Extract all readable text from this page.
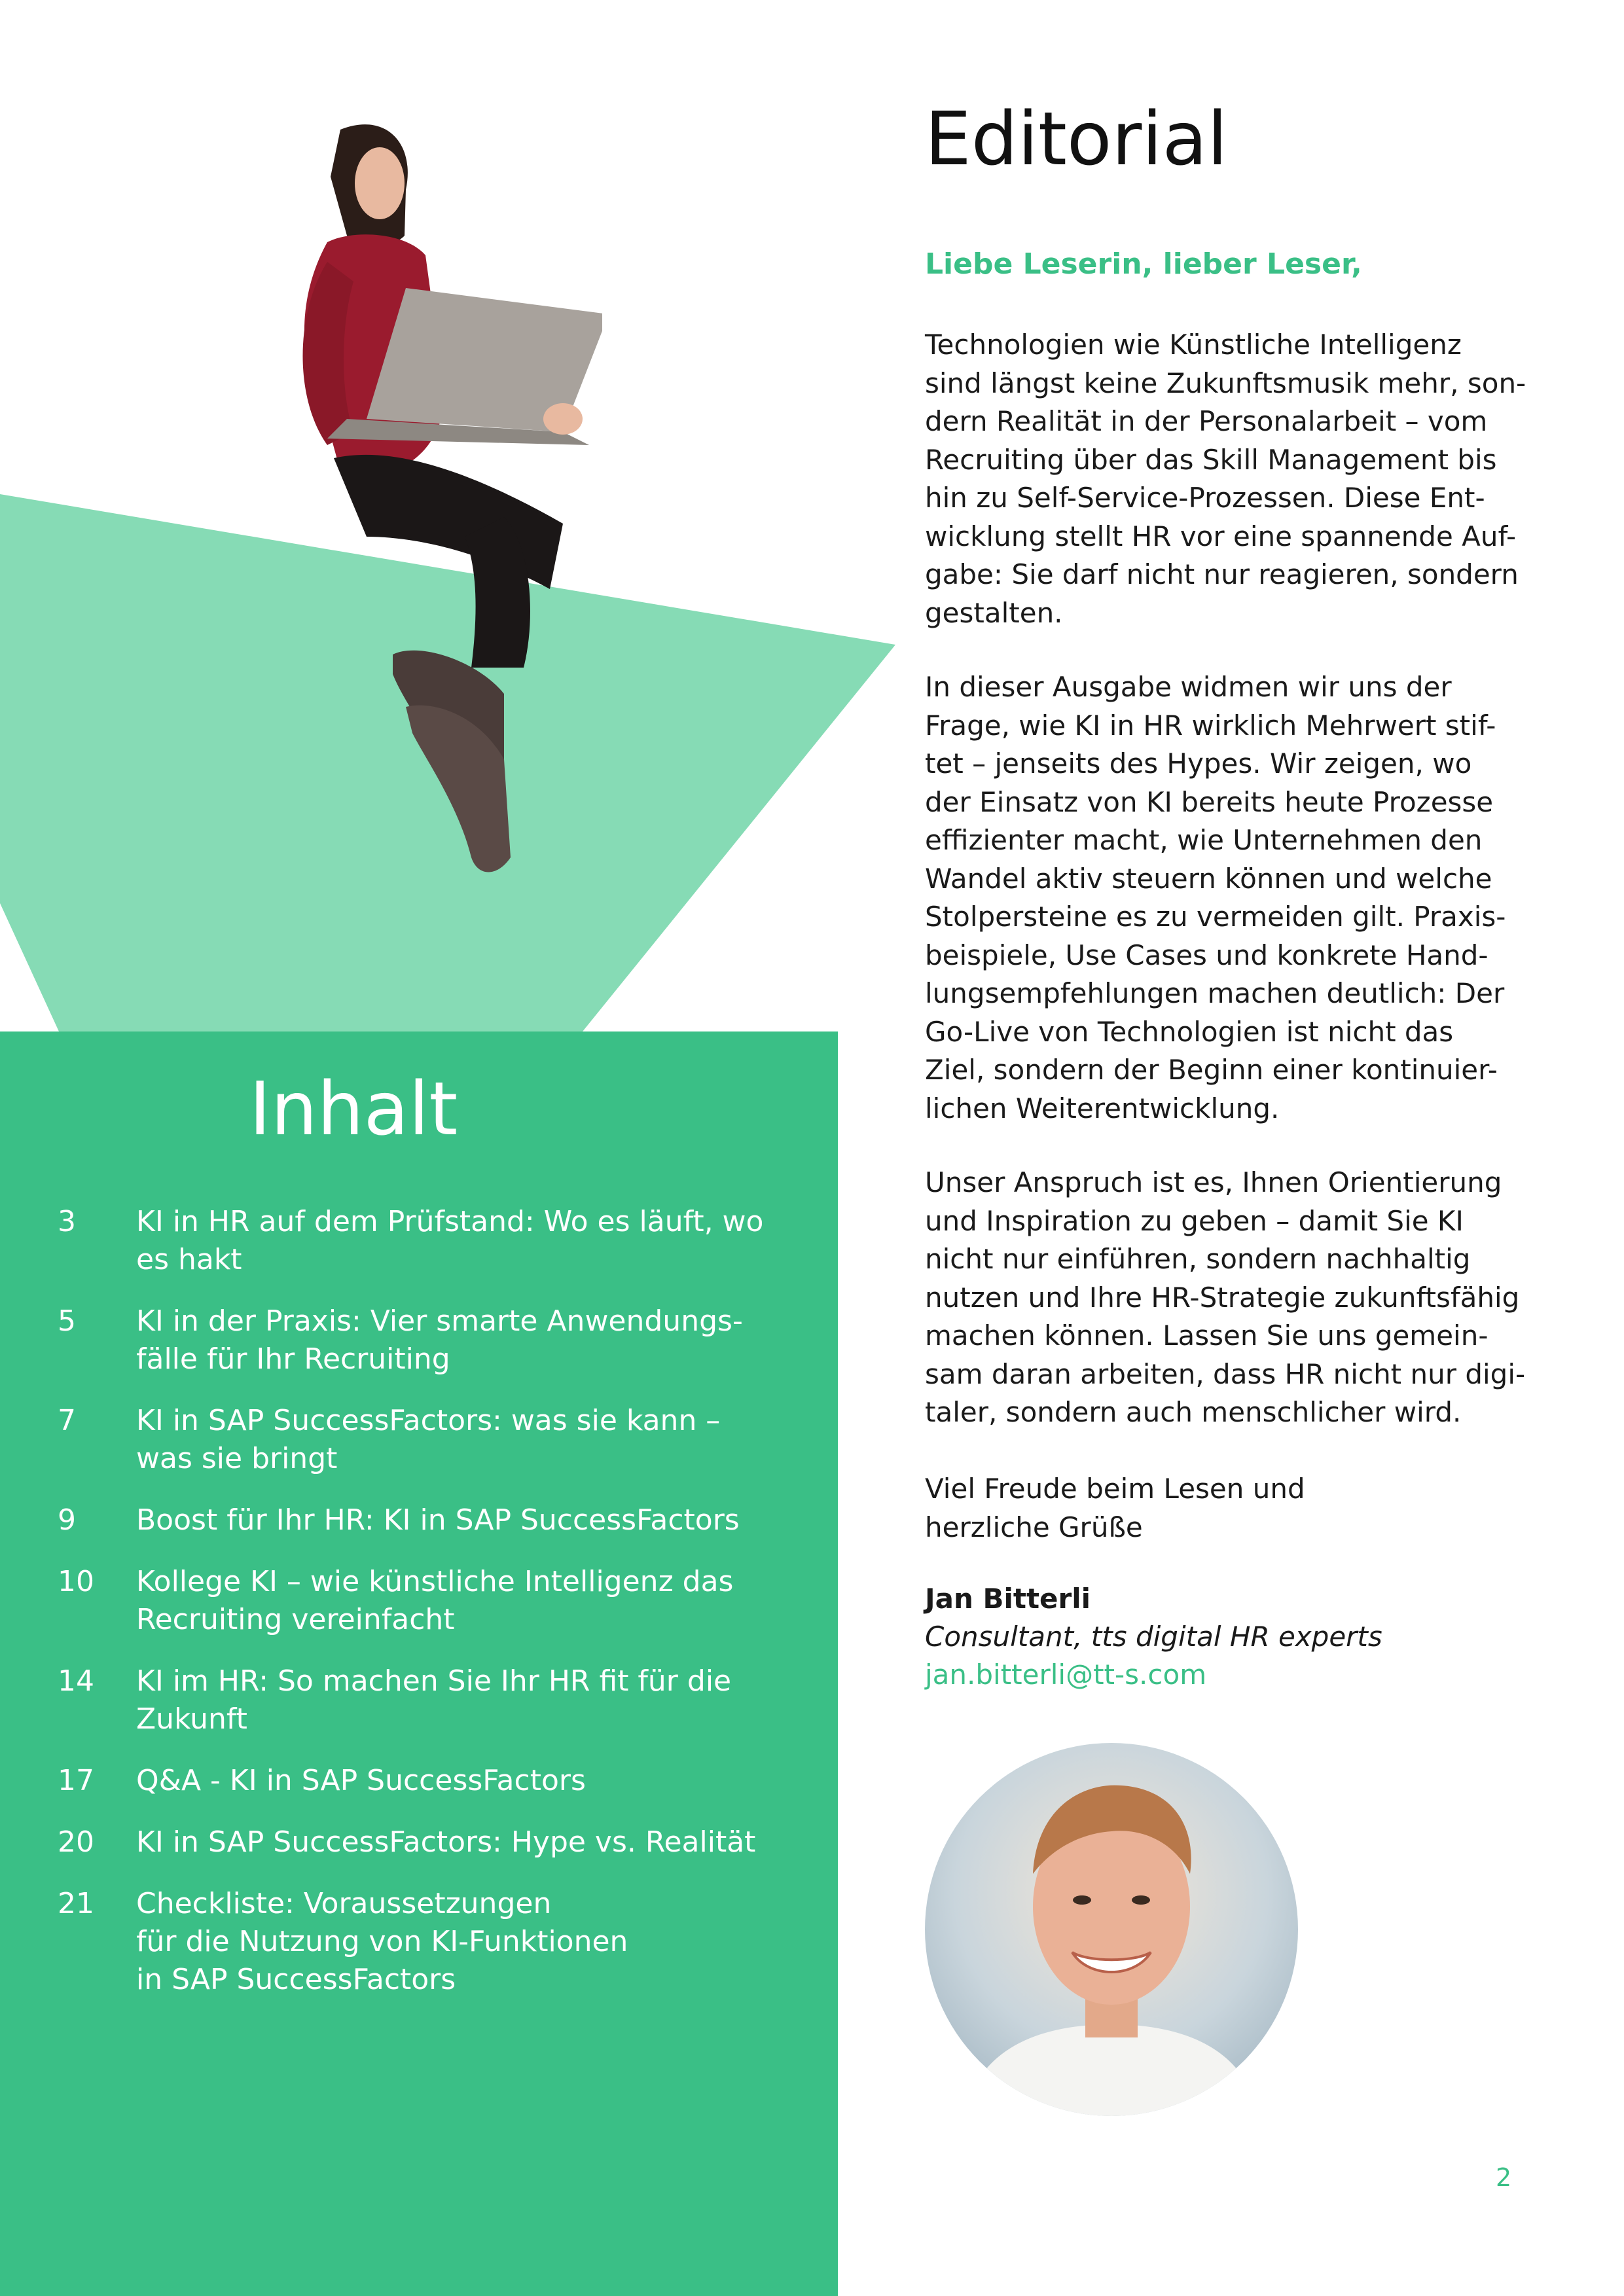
Inhalt
3	KI in HR auf dem Prüfstand: Wo es läuft, wo
es hakt
5	KI in der Praxis: Vier smarte Anwendungs-
fälle für Ihr Recruiting
7	KI in SAP SuccessFactors: was sie kann –
was sie bringt
9	Boost für Ihr HR: KI in SAP SuccessFactors
10	Kollege KI – wie künstliche Intelligenz das
Recruiting vereinfacht
14	KI im HR: So machen Sie Ihr HR fit für die
Zukunft
17	Q&A - KI in SAP SuccessFactors
20	KI in SAP SuccessFactors: Hype vs. Realität
21	Checkliste: Voraussetzungen
für die Nutzung von KI-Funktionen
in SAP SuccessFactors
Editorial
Liebe Leserin, lieber Leser,
Technologien wie Künstliche Intelligenz
sind längst keine Zukunftsmusik mehr, son-
dern Realität in der Personalarbeit – vom
Recruiting über das Skill Management bis
hin zu Self-Service-Prozessen. Diese Ent-
wicklung stellt HR vor eine spannende Auf-
gabe: Sie darf nicht nur reagieren, sondern
gestalten.
In dieser Ausgabe widmen wir uns der
Frage, wie KI in HR wirklich Mehrwert stif-
tet – jenseits des Hypes. Wir zeigen, wo
der Einsatz von KI bereits heute Prozesse
effizienter macht, wie Unternehmen den
Wandel aktiv steuern können und welche
Stolpersteine es zu vermeiden gilt. Praxis-
beispiele, Use Cases und konkrete Hand-
lungsempfehlungen machen deutlich: Der
Go-Live von Technologien ist nicht das
Ziel, sondern der Beginn einer kontinuier-
lichen Weiterentwicklung.
Unser Anspruch ist es, Ihnen Orientierung
und Inspiration zu geben – damit Sie KI
nicht nur einführen, sondern nachhaltig
nutzen und Ihre HR-Strategie zukunftsfähig
machen können. Lassen Sie uns gemein-
sam daran arbeiten, dass HR nicht nur digi-
taler, sondern auch menschlicher wird.
Viel Freude beim Lesen und
herzliche Grüße
Jan Bitterli
Consultant, tts digital HR experts
jan.bitterli@tt-s.com
2
